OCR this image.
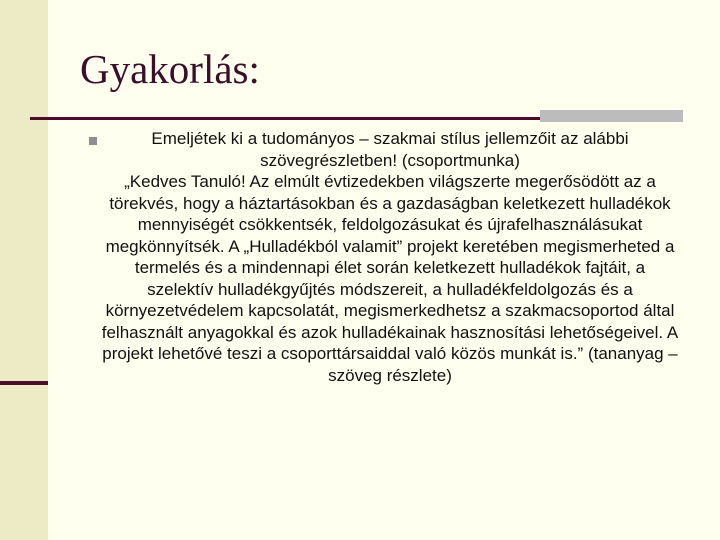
Gyakorlás:

Emeljétek ki a tudományos – szakmai stílus jellemzőit az alábbi szövegrészletben! (csoportmunka)

„Kedves Tanuló! Az elmúlt évtizedekben világszerte megerősödött az a törekvés, hogy a háztartásokban és a gazdaságban keletkezett hulladékok mennyiségét csökkentsék, feldolgozásukat és újrafelhasználásukat megkönnyítsék. A „Hulladékból valamit” projekt keretében megismerheted a termelés és a mindennapi élet során keletkezett hulladékok fajtáit, a szelektív hulladékgyűjtés módszereit, a hulladékfeldolgozás és a környezetvédelem kapcsolatát, megismerkedhetsz a szakmacsoportod által felhasznált anyagokkal és azok hulladékainak hasznosítási lehetőségeivel. A projekt lehetővé teszi a csoporttársaiddal való közös munkát is.” (tananyag – szöveg részlete)
